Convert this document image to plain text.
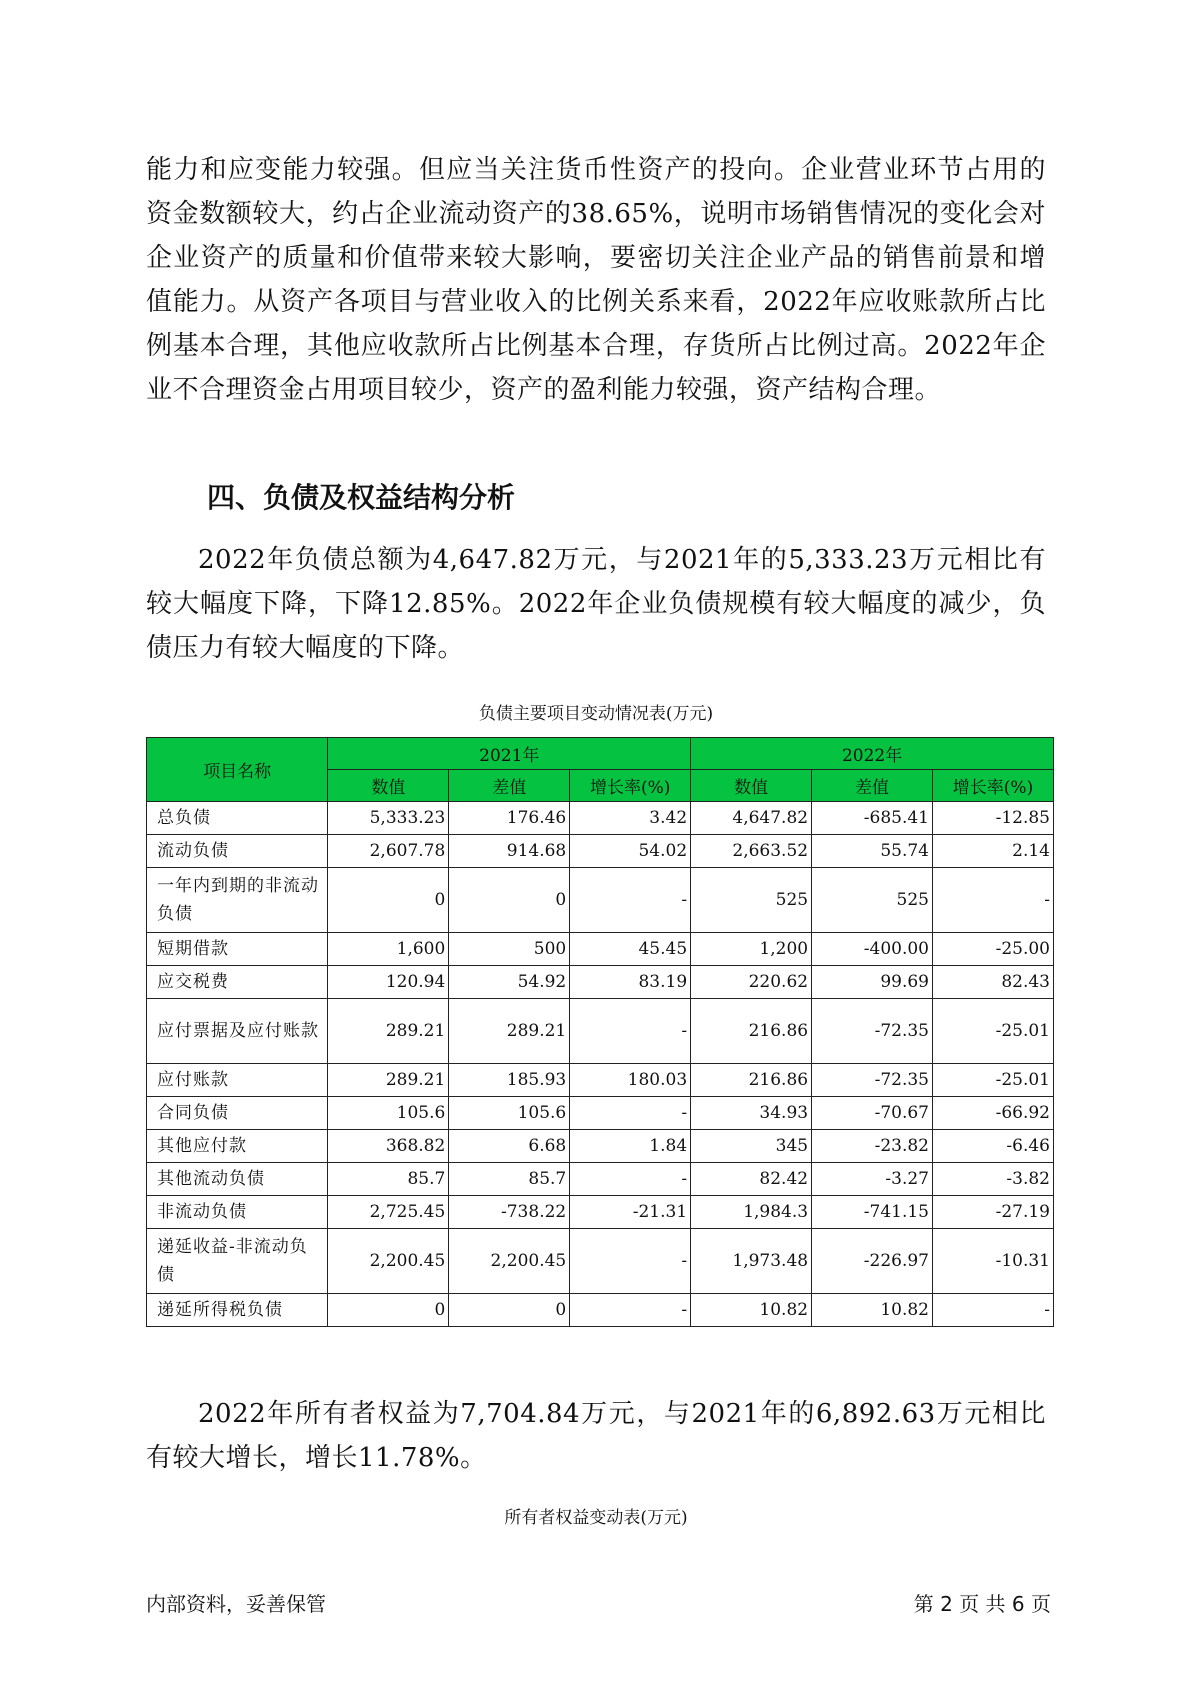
能力和应变能力较强。但应当关注货币性资产的投向。企业营业环节占用的资金数额较大，约占企业流动资产的38.65%，说明市场销售情况的变化会对企业资产的质量和价值带来较大影响，要密切关注企业产品的销售前景和增值能力。从资产各项目与营业收入的比例关系来看，2022年应收账款所占比例基本合理，其他应收款所占比例基本合理，存货所占比例过高。2022年企业不合理资金占用项目较少，资产的盈利能力较强，资产结构合理。

四、负债及权益结构分析

2022年负债总额为4,647.82万元，与2021年的5,333.23万元相比有较大幅度下降，下降12.85%。2022年企业负债规模有较大幅度的减少，负债压力有较大幅度的下降。

负债主要项目变动情况表(万元)
项目名称	2021年			2022年		
	数值	差值	增长率(%)	数值	差值	增长率(%)
总负债	5,333.23	176.46	3.42	4,647.82	-685.41	-12.85
流动负债	2,607.78	914.68	54.02	2,663.52	55.74	2.14
一年内到期的非流动负债	0	0	-	525	525	-
短期借款	1,600	500	45.45	1,200	-400.00	-25.00
应交税费	120.94	54.92	83.19	220.62	99.69	82.43
应付票据及应付账款	289.21	289.21	-	216.86	-72.35	-25.01
应付账款	289.21	185.93	180.03	216.86	-72.35	-25.01
合同负债	105.6	105.6	-	34.93	-70.67	-66.92
其他应付款	368.82	6.68	1.84	345	-23.82	-6.46
其他流动负债	85.7	85.7	-	82.42	-3.27	-3.82
非流动负债	2,725.45	-738.22	-21.31	1,984.3	-741.15	-27.19
递延收益-非流动负债	2,200.45	2,200.45	-	1,973.48	-226.97	-10.31
递延所得税负债	0	0	-	10.82	10.82	-

2022年所有者权益为7,704.84万元，与2021年的6,892.63万元相比有较大增长，增长11.78%。

所有者权益变动表(万元)
内部资料，妥善保管	第 2 页 共 6 页
